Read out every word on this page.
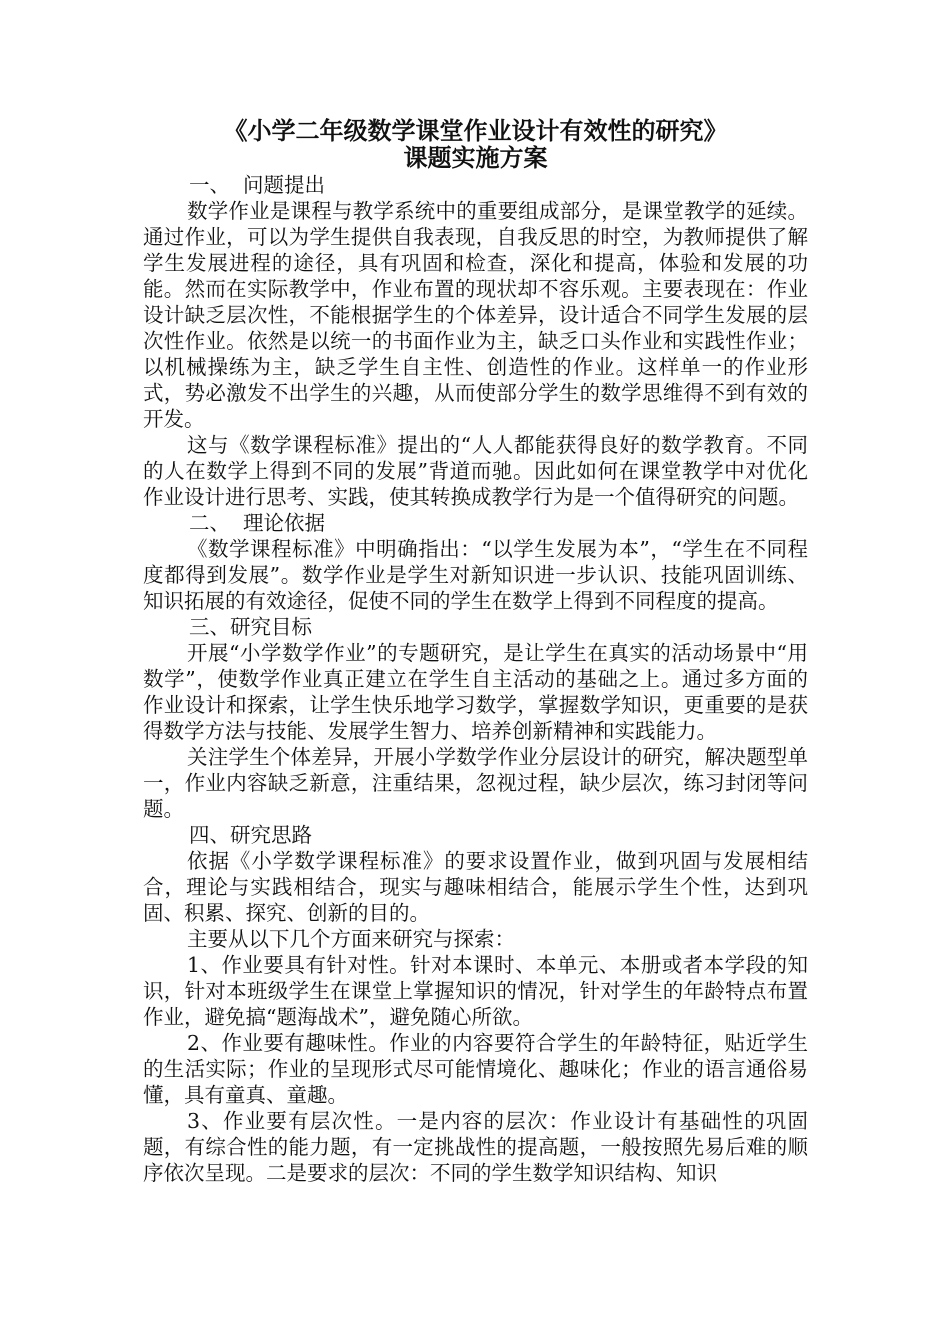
《小学二年级数学课堂作业设计有效性的研究》
课题实施方案

一、  问题提出

数学作业是课程与教学系统中的重要组成部分，是课堂教学的延续。通过作业，可以为学生提供自我表现，自我反思的时空，为教师提供了解学生发展进程的途径，具有巩固和检查，深化和提高，体验和发展的功能。然而在实际教学中，作业布置的现状却不容乐观。主要表现在：作业设计缺乏层次性，不能根据学生的个体差异，设计适合不同学生发展的层次性作业。依然是以统一的书面作业为主，缺乏口头作业和实践性作业；以机械操练为主，缺乏学生自主性、创造性的作业。这样单一的作业形式，势必激发不出学生的兴趣，从而使部分学生的数学思维得不到有效的开发。

这与《数学课程标准》提出的“人人都能获得良好的数学教育。不同的人在数学上得到不同的发展”背道而驰。因此如何在课堂教学中对优化作业设计进行思考、实践，使其转换成教学行为是一个值得研究的问题。

二、  理论依据

《数学课程标准》中明确指出：“以学生发展为本”，“学生在不同程度都得到发展”。数学作业是学生对新知识进一步认识、技能巩固训练、知识拓展的有效途径，促使不同的学生在数学上得到不同程度的提高。

三、研究目标

开展“小学数学作业”的专题研究，是让学生在真实的活动场景中“用数学”，使数学作业真正建立在学生自主活动的基础之上。通过多方面的作业设计和探索，让学生快乐地学习数学，掌握数学知识，更重要的是获得数学方法与技能、发展学生智力、培养创新精神和实践能力。

关注学生个体差异，开展小学数学作业分层设计的研究，解决题型单一，作业内容缺乏新意，注重结果，忽视过程，缺少层次，练习封闭等问题。

四、研究思路

依据《小学数学课程标准》的要求设置作业，做到巩固与发展相结合，理论与实践相结合，现实与趣味相结合，能展示学生个性，达到巩固、积累、探究、创新的目的。

主要从以下几个方面来研究与探索：

1、作业要具有针对性。针对本课时、本单元、本册或者本学段的知识，针对本班级学生在课堂上掌握知识的情况，针对学生的年龄特点布置作业，避免搞“题海战术”，避免随心所欲。

2、作业要有趣味性。作业的内容要符合学生的年龄特征，贴近学生的生活实际；作业的呈现形式尽可能情境化、趣味化；作业的语言通俗易懂，具有童真、童趣。

3、作业要有层次性。一是内容的层次：作业设计有基础性的巩固题，有综合性的能力题，有一定挑战性的提高题，一般按照先易后难的顺序依次呈现。二是要求的层次：不同的学生数学知识结构、知识
